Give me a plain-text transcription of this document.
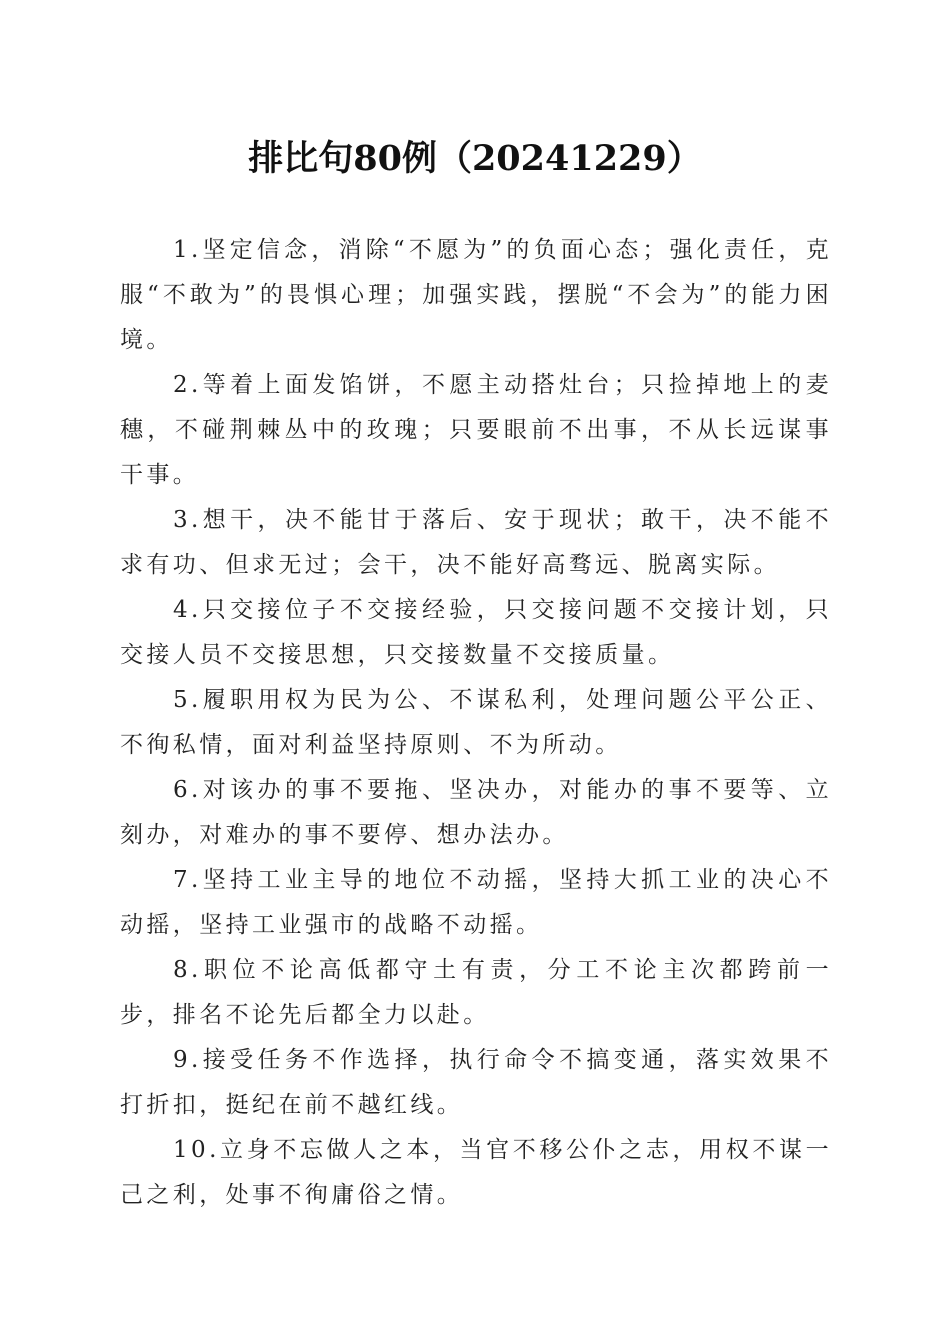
排比句80例（20241229）

1.坚定信念，消除“不愿为”的负面心态；强化责任，克服“不敢为”的畏惧心理；加强实践，摆脱“不会为”的能力困境。

2.等着上面发馅饼，不愿主动搭灶台；只捡掉地上的麦穗，不碰荆棘丛中的玫瑰；只要眼前不出事，不从长远谋事干事。

3.想干，决不能甘于落后、安于现状；敢干，决不能不求有功、但求无过；会干，决不能好高骛远、脱离实际。

4.只交接位子不交接经验，只交接问题不交接计划，只交接人员不交接思想，只交接数量不交接质量。

5.履职用权为民为公、不谋私利，处理问题公平公正、不徇私情，面对利益坚持原则、不为所动。

6.对该办的事不要拖、坚决办，对能办的事不要等、立刻办，对难办的事不要停、想办法办。

7.坚持工业主导的地位不动摇，坚持大抓工业的决心不动摇，坚持工业强市的战略不动摇。

8.职位不论高低都守土有责，分工不论主次都跨前一步，排名不论先后都全力以赴。

9.接受任务不作选择，执行命令不搞变通，落实效果不打折扣，挺纪在前不越红线。

10.立身不忘做人之本，当官不移公仆之志，用权不谋一己之利，处事不徇庸俗之情。
